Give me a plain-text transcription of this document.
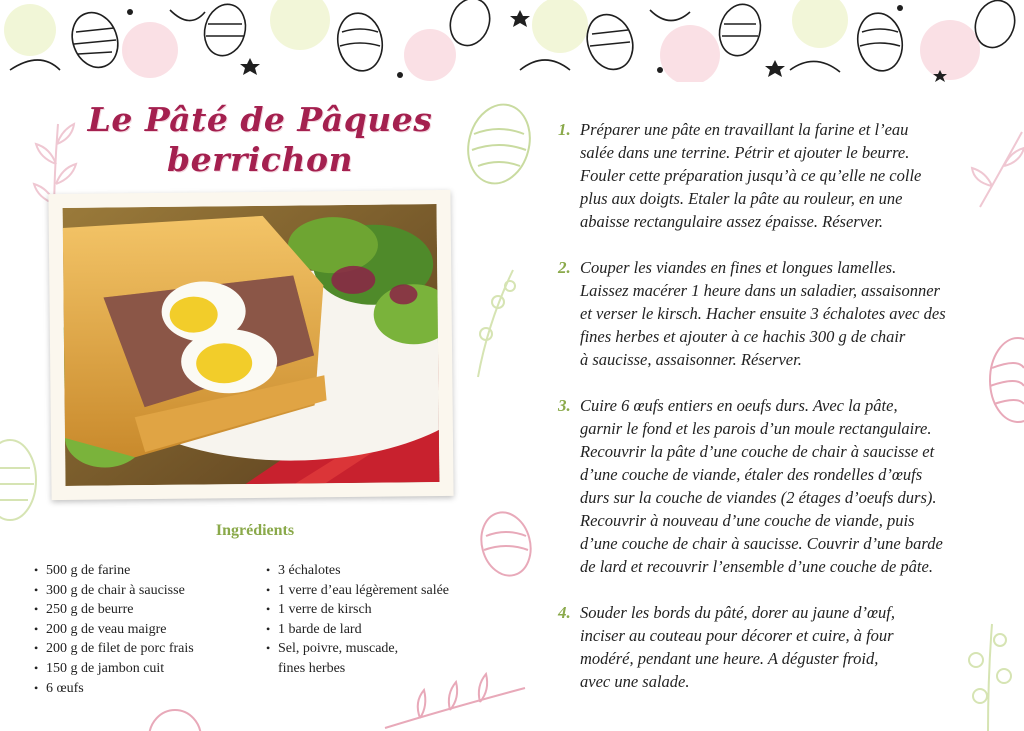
Le Pâté de Pâques
berrichon
Ingrédients
• 500 g de farine
• 300 g de chair à saucisse
• 250 g de beurre
• 200 g de veau maigre
• 200 g de filet de porc frais
• 150 g de jambon cuit
• 6 œufs
• 3 échalotes
• 1 verre d’eau légèrement salée
• 1 verre de kirsch
• 1 barde de lard
• Sel, poivre, muscade,
fines herbes
1. Préparer une pâte en travaillant la farine et l’eau
salée dans une terrine. Pétrir et ajouter le beurre.
Fouler cette préparation jusqu’à ce qu’elle ne colle
plus aux doigts. Etaler la pâte au rouleur, en une
abaisse rectangulaire assez épaisse. Réserver.
2. Couper les viandes en fines et longues lamelles.
Laissez macérer 1 heure dans un saladier, assaisonner
et verser le kirsch. Hacher ensuite 3 échalotes avec des
fines herbes et ajouter à ce hachis 300 g de chair
à saucisse, assaisonner. Réserver.
3. Cuire 6 œufs entiers en oeufs durs. Avec la pâte,
garnir le fond et les parois d’un moule rectangulaire.
Recouvrir la pâte d’une couche de chair à saucisse et
d’une couche de viande, étaler des rondelles d’œufs
durs sur la couche de viandes (2 étages d’oeufs durs).
Recouvrir à nouveau d’une couche de viande, puis
d’une couche de chair à saucisse. Couvrir d’une barde
de lard et recouvrir l’ensemble d’une couche de pâte.
4. Souder les bords du pâté, dorer au jaune d’œuf,
inciser au couteau pour décorer et cuire, à four
modéré, pendant une heure. A déguster froid,
avec une salade.
